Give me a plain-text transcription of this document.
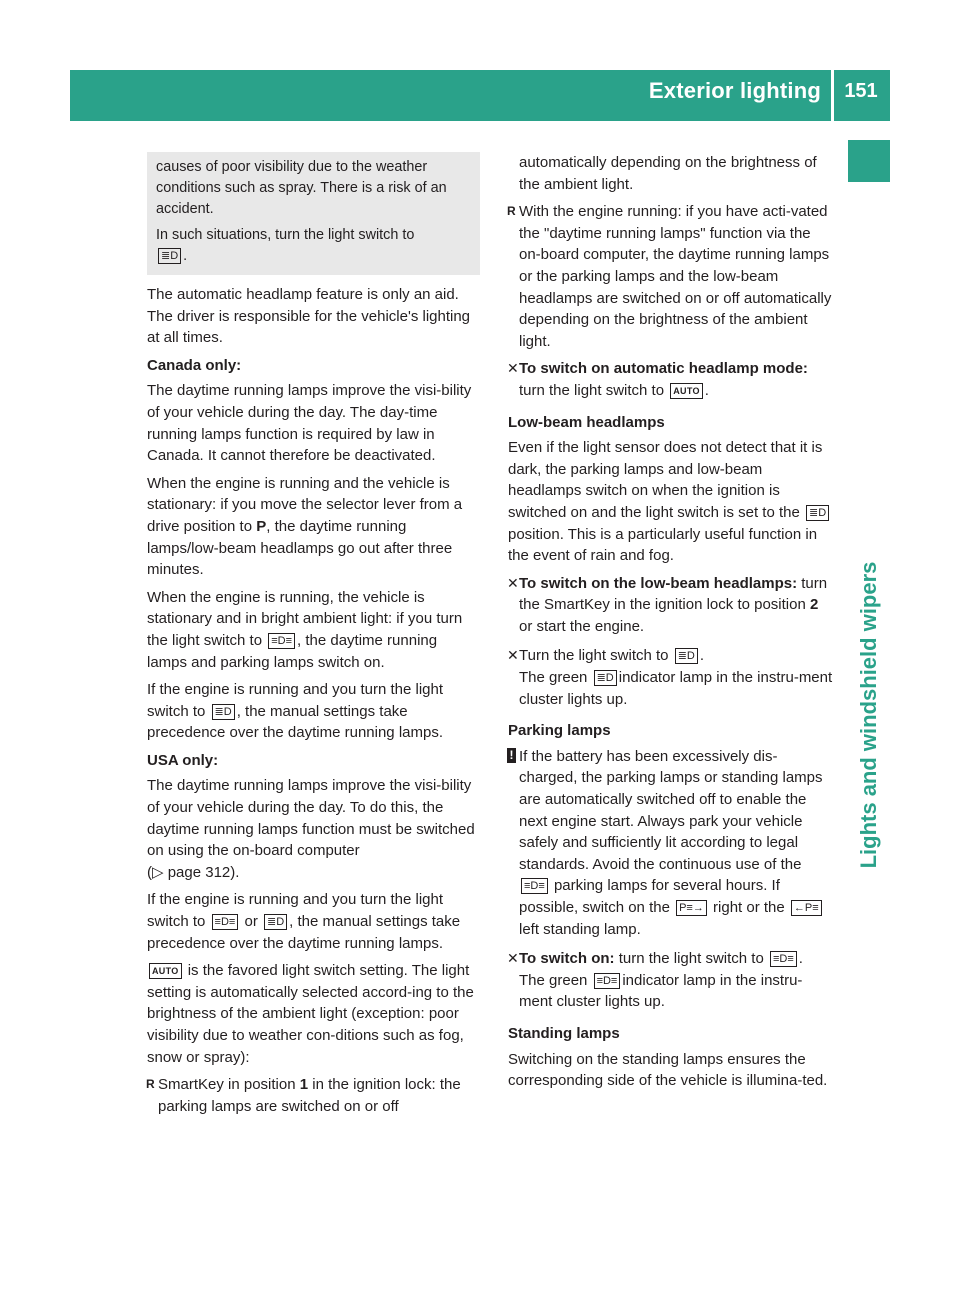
Exterior lighting 151
Lights and windshield wipers

causes of poor visibility due to the weather conditions such as spray. There is a risk of an accident.

In such situations, turn the light switch to
≣D .

The automatic headlamp feature is only an aid. The driver is responsible for the vehicle's lighting at all times.

Canada only:

The daytime running lamps improve the visi-bility of your vehicle during the day. The day-time running lamps function is required by law in Canada. It cannot therefore be deactivated.

When the engine is running and the vehicle is stationary: if you move the selector lever from a drive position to P, the daytime running lamps/low-beam headlamps go out after three minutes.

When the engine is running, the vehicle is stationary and in bright ambient light: if you turn the light switch to ≡D≡ , the daytime running lamps and parking lamps switch on.

If the engine is running and you turn the light switch to ≣D , the manual settings take precedence over the daytime running lamps.

USA only:

The daytime running lamps improve the visi-bility of your vehicle during the day. To do this, the daytime running lamps function must be switched on using the on-board computer
(▷ page 312).

If the engine is running and you turn the light switch to ≡D≡ or ≣D , the manual settings take precedence over the daytime running lamps.

AUTO is the favored light switch setting. The light setting is automatically selected accord-ing to the brightness of the ambient light (exception: poor visibility due to weather con-ditions such as fog, snow or spray):

R SmartKey in position 1 in the ignition lock: the parking lamps are switched on or off

automatically depending on the brightness of the ambient light.

R With the engine running: if you have acti-vated the "daytime running lamps" function via the on-board computer, the daytime running lamps or the parking lamps and the low-beam headlamps are switched on or off automatically depending on the brightness of the ambient light.
✕ To switch on automatic headlamp mode: turn the light switch to AUTO .

Low-beam headlamps

Even if the light sensor does not detect that it is dark, the parking lamps and low-beam headlamps switch on when the ignition is switched on and the light switch is set to the ≣D position. This is a particularly useful function in the event of rain and fog.

✕ To switch on the low-beam headlamps: turn the SmartKey in the ignition lock to position 2 or start the engine.
✕ Turn the light switch to ≣D .
The green ≣D indicator lamp in the instru-ment cluster lights up.

Parking lamps

! If the battery has been excessively dis-charged, the parking lamps or standing lamps are automatically switched off to enable the next engine start. Always park your vehicle safely and sufficiently lit according to legal standards. Avoid the continuous use of the ≡D≡ parking lamps for several hours. If possible, switch on the P≡→ right or the ←P≡ left standing lamp.
✕ To switch on: turn the light switch to ≡D≡ .
The green ≡D≡ indicator lamp in the instru-ment cluster lights up.

Standing lamps

Switching on the standing lamps ensures the corresponding side of the vehicle is illumina-ted.
